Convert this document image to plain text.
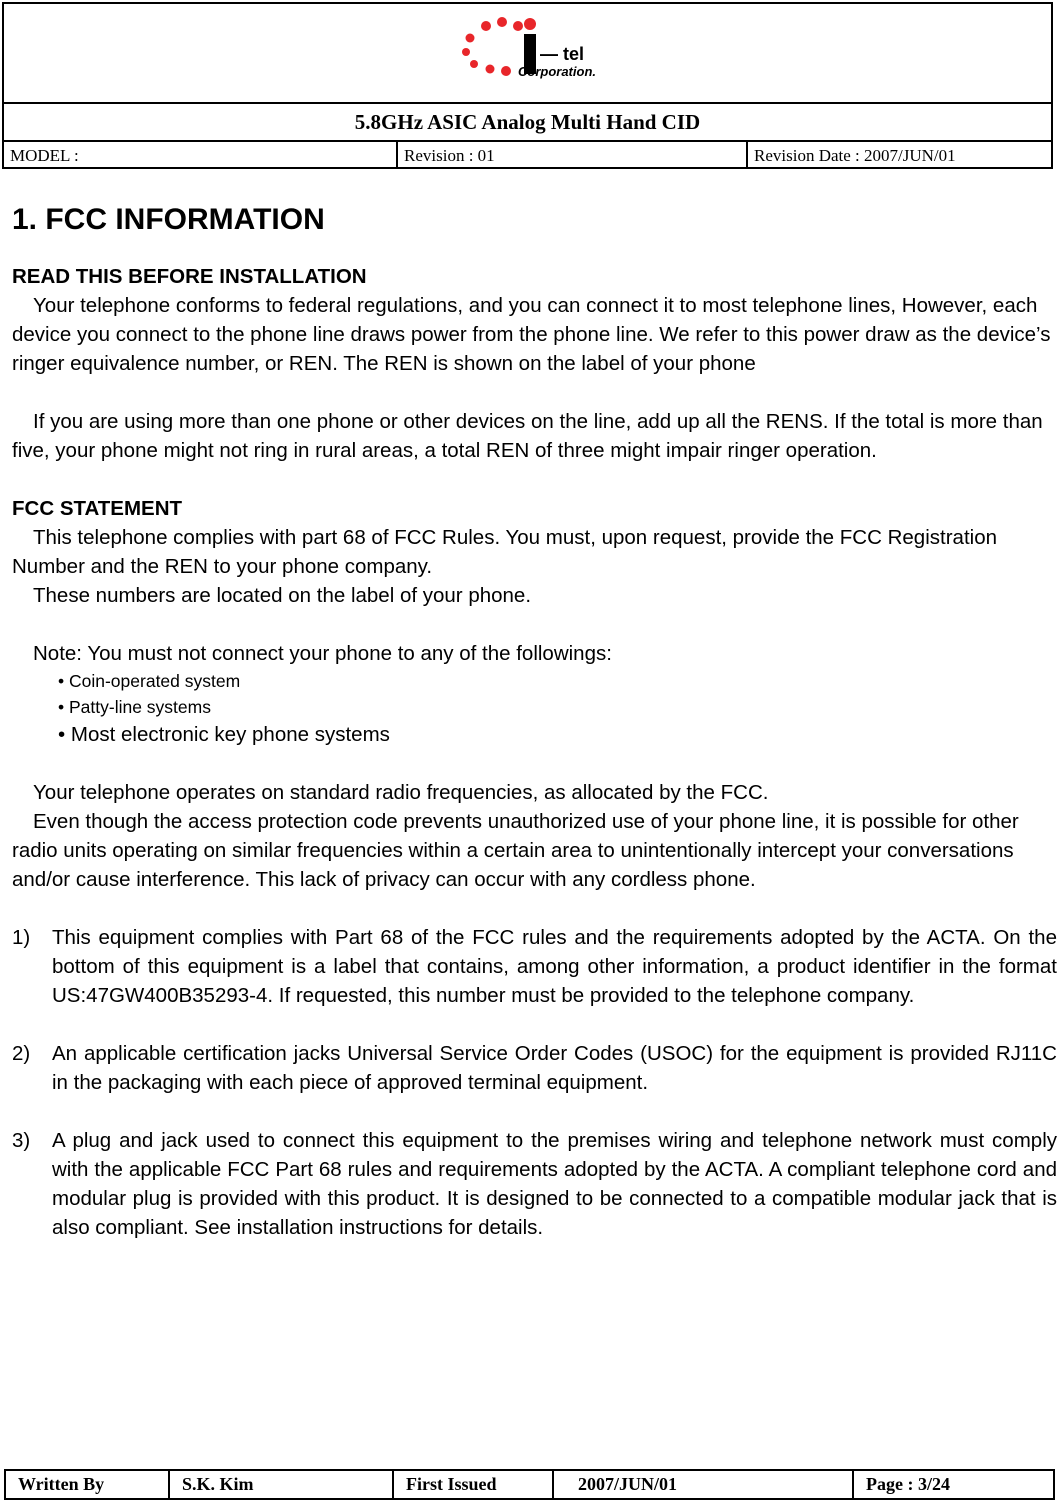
I — tel
Corporation.
5.8GHz ASIC Analog Multi Hand CID
MODEL :	Revision : 01	Revision Date : 2007/JUN/01
1. FCC INFORMATION
READ THIS BEFORE INSTALLATION

Your telephone conforms to federal regulations, and you can connect it to most telephone lines, However, each device you connect to the phone line draws power from the phone line. We refer to this power draw as the device’s ringer equivalence number, or REN. The REN is shown on the label of your phone

If you are using more than one phone or other devices on the line, add up all the RENS. If the total is more than five, your phone might not ring in rural areas, a total REN of three might impair ringer operation.

FCC STATEMENT

This telephone complies with part 68 of FCC Rules. You must, upon request, provide the FCC Registration Number and the REN to your phone company.

These numbers are located on the label of your phone.

Note: You must not connect your phone to any of the followings:

• Coin-operated system

• Patty-line systems

• Most electronic key phone systems

Your telephone operates on standard radio frequencies, as allocated by the FCC.

Even though the access protection code prevents unauthorized use of your phone line, it is possible for other radio units operating on similar frequencies within a certain area to unintentionally intercept your conversations and/or cause interference. This lack of privacy can occur with any cordless phone.

1)	This equipment complies with Part 68 of the FCC rules and the requirements adopted by the ACTA. On the bottom of this equipment is a label that contains, among other information, a product identifier in the format US:47GW400B35293-4. If requested, this number must be provided to the telephone company.
2)	An applicable certification jacks Universal Service Order Codes (USOC) for the equipment is provided RJ11C in the packaging with each piece of approved terminal equipment.
3)	A plug and jack used to connect this equipment to the premises wiring and telephone network must comply with the applicable FCC Part 68 rules and requirements adopted by the ACTA. A compliant telephone cord and modular plug is provided with this product. It is designed to be connected to a compatible modular jack that is also compliant. See installation instructions for details.
Written By	S.K. Kim	First Issued	2007/JUN/01	Page : 3/24
